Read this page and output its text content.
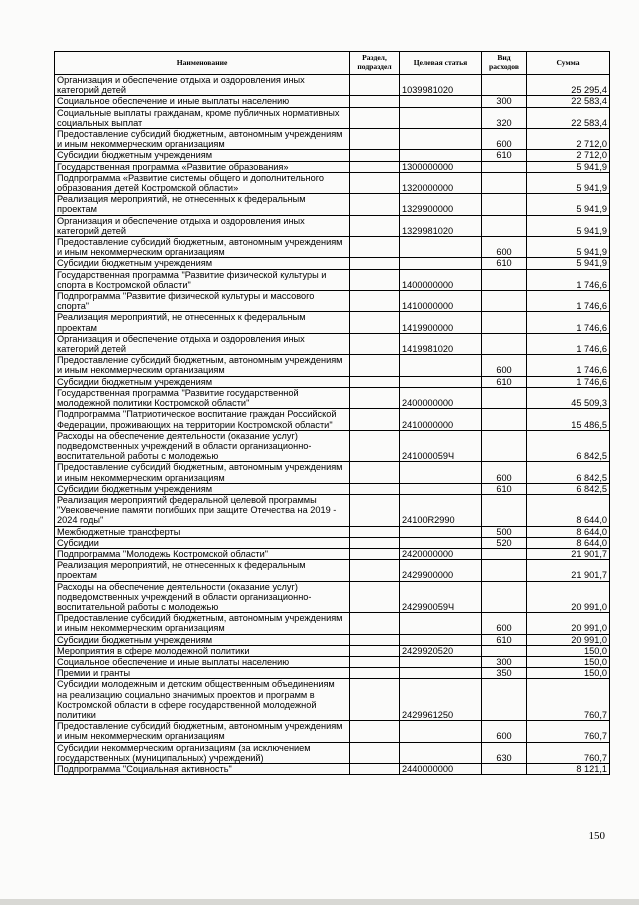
Наименование	Раздел, подраздел	Целевая статья	Вид расходов	Сумма
Организация и обеспечение отдыха и оздоровления иных категорий детей		1039981020		25 295,4
Социальное обеспечение и иные выплаты населению			300	22 583,4
Социальные выплаты гражданам, кроме публичных нормативных социальных выплат			320	22 583,4
Предоставление субсидий бюджетным, автономным учреждениям и иным некоммерческим организациям			600	2 712,0
Субсидии бюджетным учреждениям			610	2 712,0
Государственная программа «Развитие образования»		1300000000		5 941,9
Подпрограмма «Развитие системы общего и дополнительного образования детей Костромской области»		1320000000		5 941,9
Реализация мероприятий, не отнесенных к федеральным проектам		1329900000		5 941,9
Организация и обеспечение отдыха и оздоровления иных категорий детей		1329981020		5 941,9
Предоставление субсидий бюджетным, автономным учреждениям и иным некоммерческим организациям			600	5 941,9
Субсидии бюджетным учреждениям			610	5 941,9
Государственная программа "Развитие физической культуры и спорта в Костромской области"		1400000000		1 746,6
Подпрограмма "Развитие физической культуры и массового спорта"		1410000000		1 746,6
Реализация мероприятий, не отнесенных к федеральным проектам		1419900000		1 746,6
Организация и обеспечение отдыха и оздоровления иных категорий детей		1419981020		1 746,6
Предоставление субсидий бюджетным, автономным учреждениям и иным некоммерческим организациям			600	1 746,6
Субсидии бюджетным учреждениям			610	1 746,6
Государственная программа "Развитие государственной молодежной политики Костромской области"		2400000000		45 509,3
Подпрограмма "Патриотическое воспитание граждан Российской Федерации, проживающих на территории Костромской области"		2410000000		15 486,5
Расходы на обеспечение деятельности (оказание услуг) подведомственных учреждений в области организационно-воспитательной работы с молодежью		241000059Ч		6 842,5
Предоставление субсидий бюджетным, автономным учреждениям и иным некоммерческим организациям			600	6 842,5
Субсидии бюджетным учреждениям			610	6 842,5
Реализация мероприятий федеральной целевой программы "Увековечение памяти погибших при защите Отечества на 2019 - 2024 годы"		24100R2990		8 644,0
Межбюджетные трансферты			500	8 644,0
Субсидии			520	8 644,0
Подпрограмма "Молодежь Костромской области"		2420000000		21 901,7
Реализация мероприятий, не отнесенных к федеральным проектам		2429900000		21 901,7
Расходы на обеспечение деятельности (оказание услуг) подведомственных учреждений в области организационно-воспитательной работы с молодежью		242990059Ч		20 991,0
Предоставление субсидий бюджетным, автономным учреждениям и иным некоммерческим организациям			600	20 991,0
Субсидии бюджетным учреждениям			610	20 991,0
Мероприятия в сфере молодежной политики		2429920520		150,0
Социальное обеспечение и иные выплаты населению			300	150,0
Премии и гранты			350	150,0
Субсидии молодежным и детским общественным объединениям на реализацию социально значимых проектов и программ в Костромской области в сфере государственной молодежной политики		2429961250		760,7
Предоставление субсидий бюджетным, автономным учреждениям и иным некоммерческим организациям			600	760,7
Субсидии некоммерческим организациям (за исключением государственных (муниципальных) учреждений)			630	760,7
Подпрограмма "Социальная активность"		2440000000		8 121,1
150
